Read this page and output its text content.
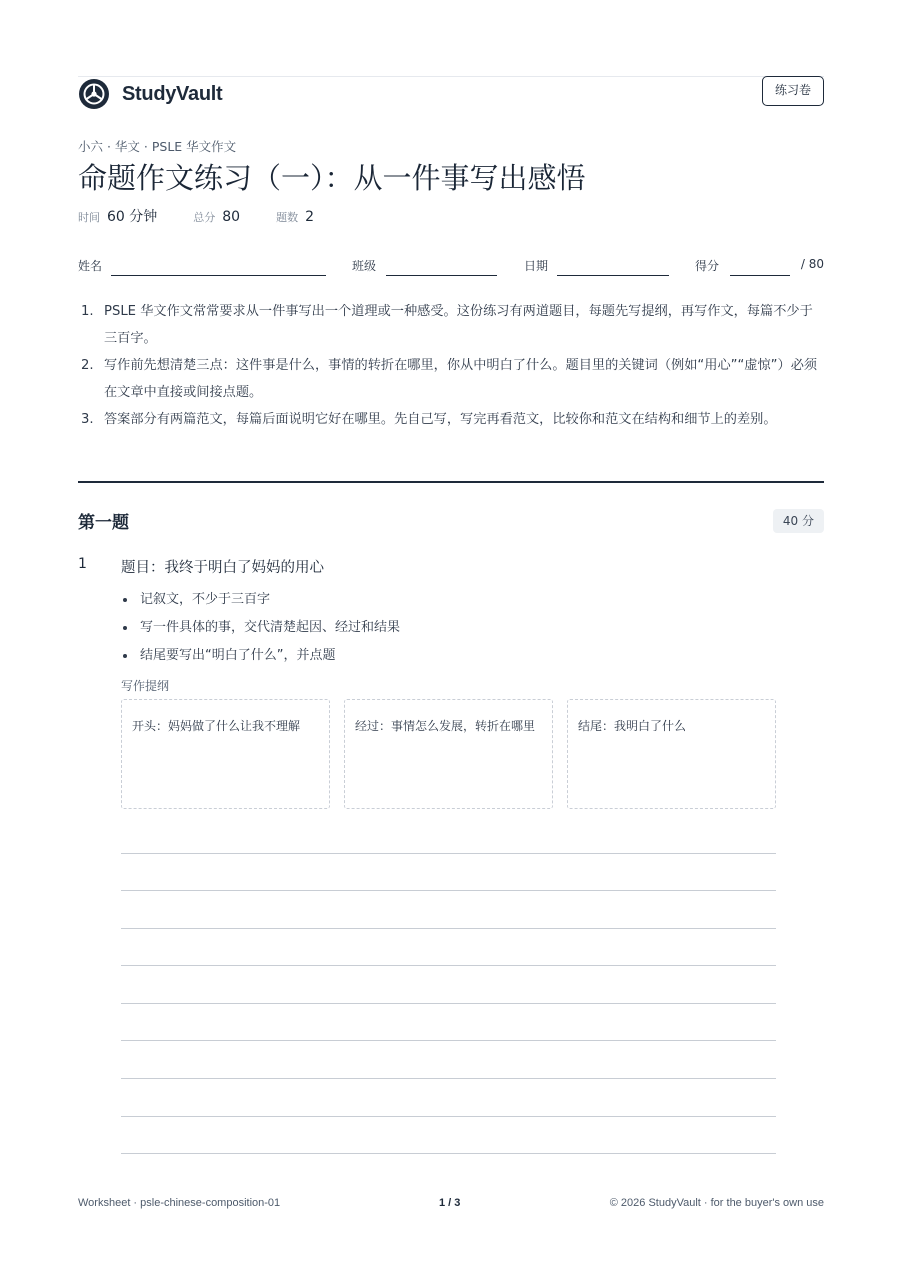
StudyVault	练习卷
小六 · 华文 · PSLE 华文作文
命题作文练习（一）：从一件事写出感悟
时间 60 分钟	总分 80	题数 2
姓名	班级	日期	得分	/ 80
1. PSLE 华文作文常常要求从一件事写出一个道理或一种感受。这份练习有两道题目，每题先写提纲，再写作文，每篇不少于三百字。
2. 写作前先想清楚三点：这件事是什么，事情的转折在哪里，你从中明白了什么。题目里的关键词（例如“用心”“虚惊”）必须在文章中直接或间接点题。
3. 答案部分有两篇范文，每篇后面说明它好在哪里。先自己写，写完再看范文，比较你和范文在结构和细节上的差别。
第一题	40 分
1 题目：我终于明白了妈妈的用心
记叙文，不少于三百字
写一件具体的事，交代清楚起因、经过和结果
结尾要写出“明白了什么”，并点题
写作提纲
开头：妈妈做了什么让我不理解	经过：事情怎么发展，转折在哪里	结尾：我明白了什么
Worksheet · psle-chinese-composition-01	1 / 3	© 2026 StudyVault · for the buyer's own use
